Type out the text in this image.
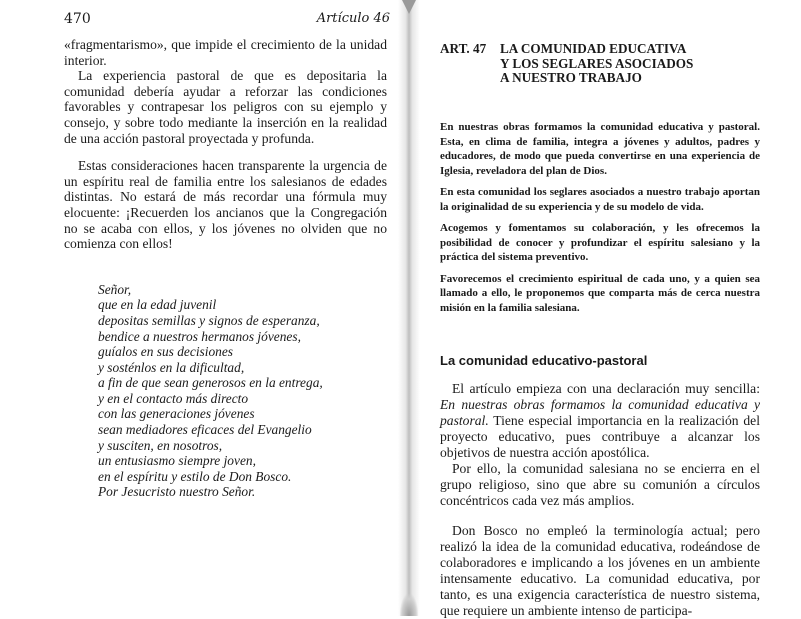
470	Artículo 46

«fragmentarismo», que impide el crecimiento de la unidad interior.

La experiencia pastoral de que es depositaria la comunidad debería ayudar a reforzar las condiciones favorables y contrapesar los peligros con su ejemplo y consejo, y sobre todo mediante la inserción en la realidad de una acción pastoral proyectada y profunda.

Estas consideraciones hacen transparente la urgencia de un espíritu real de familia entre los salesianos de edades distintas. No estará de más recordar una fórmula muy elocuente: ¡Recuerden los ancianos que la Congregación no se acaba con ellos, y los jóvenes no olviden que no comienza con ellos!

Señor,
que en la edad juvenil
depositas semillas y signos de esperanza,
bendice a nuestros hermanos jóvenes,
guíalos en sus decisiones
y sosténlos en la dificultad,
a fin de que sean generosos en la entrega,
y en el contacto más directo
con las generaciones jóvenes
sean mediadores eficaces del Evangelio
y susciten, en nosotros,
un entusiasmo siempre joven,
en el espíritu y estilo de Don Bosco.
Por Jesucristo nuestro Señor.
ART. 47 LA COMUNIDAD EDUCATIVA
Y LOS SEGLARES ASOCIADOS
A NUESTRO TRABAJO

En nuestras obras formamos la comunidad educativa y pastoral. Esta, en clima de familia, integra a jóvenes y adultos, padres y educadores, de modo que pueda convertirse en una experiencia de Iglesia, reveladora del plan de Dios.

En esta comunidad los seglares asociados a nuestro trabajo aportan la originalidad de su experiencia y de su modelo de vida.

Acogemos y fomentamos su colaboración, y les ofrecemos la posibilidad de conocer y profundizar el espíritu salesiano y la práctica del sistema preventivo.

Favorecemos el crecimiento espiritual de cada uno, y a quien sea llamado a ello, le proponemos que comparta más de cerca nuestra misión en la familia salesiana.

La comunidad educativo-pastoral

El artículo empieza con una declaración muy sencilla: En nuestras obras formamos la comunidad educativa y pastoral. Tiene especial importancia en la realización del proyecto educativo, pues contribuye a alcanzar los objetivos de nuestra acción apostólica.

Por ello, la comunidad salesiana no se encierra en el grupo religioso, sino que abre su comunión a círculos concéntricos cada vez más amplios.

Don Bosco no empleó la terminología actual; pero realizó la idea de la comunidad educativa, rodeándose de colaboradores e implicando a los jóvenes en un ambiente intensamente educativo. La comunidad educativa, por tanto, es una exigencia característica de nuestro sistema, que requiere un ambiente intenso de participa-
